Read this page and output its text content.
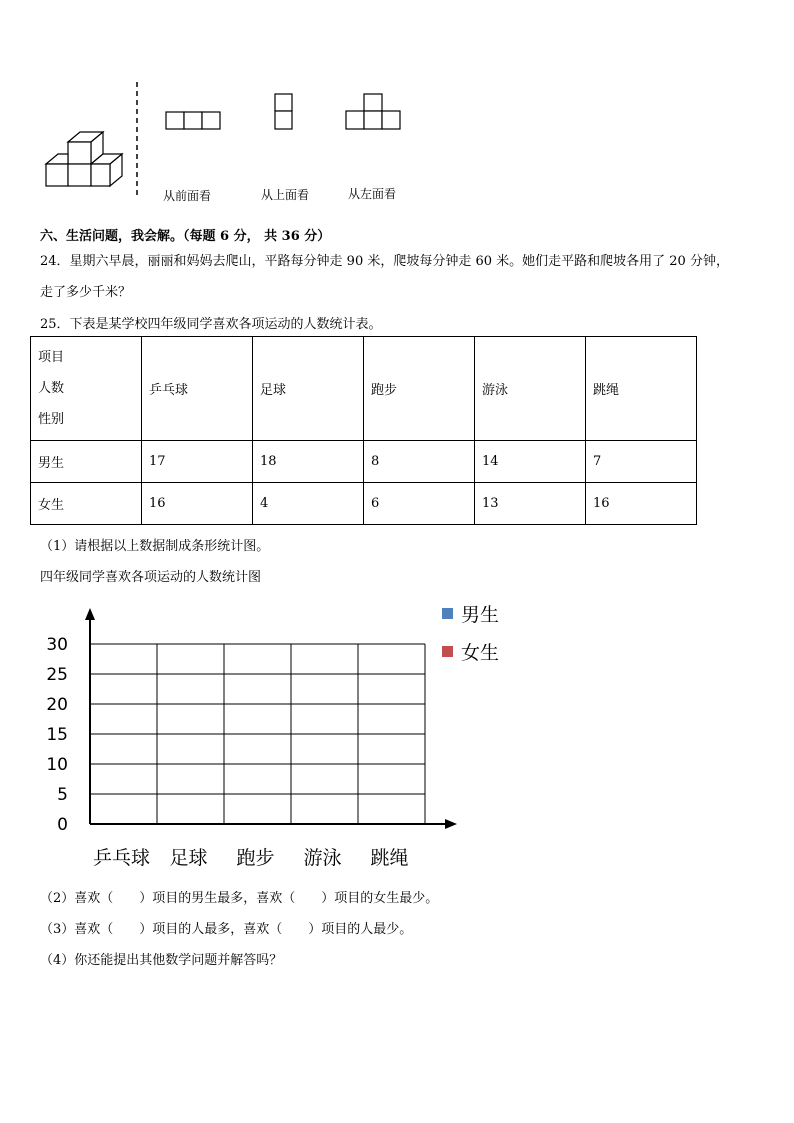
从前面看	从上面看	从左面看
六、生活问题，我会解。（每题 6 分， 共 36 分）
24．星期六早晨，丽丽和妈妈去爬山，平路每分钟走 90 米，爬坡每分钟走 60 米。她们走平路和爬坡各用了 20 分钟，
走了多少千米？
25．下表是某学校四年级同学喜欢各项运动的人数统计表。
项目
人数
性别	乒乓球	足球	跑步	游泳	跳绳
男生	17	18	8	14	7
女生	16	4	6	13	16
（1）请根据以上数据制成条形统计图。
四年级同学喜欢各项运动的人数统计图
0
5
10
15
20
25
30
乒乓球 足球 跑步 游泳 跳绳
男生
女生
（2）喜欢（　　）项目的男生最多，喜欢（　　）项目的女生最少。
（3）喜欢（　　）项目的人最多，喜欢（　　）项目的人最少。
（4）你还能提出其他数学问题并解答吗？
